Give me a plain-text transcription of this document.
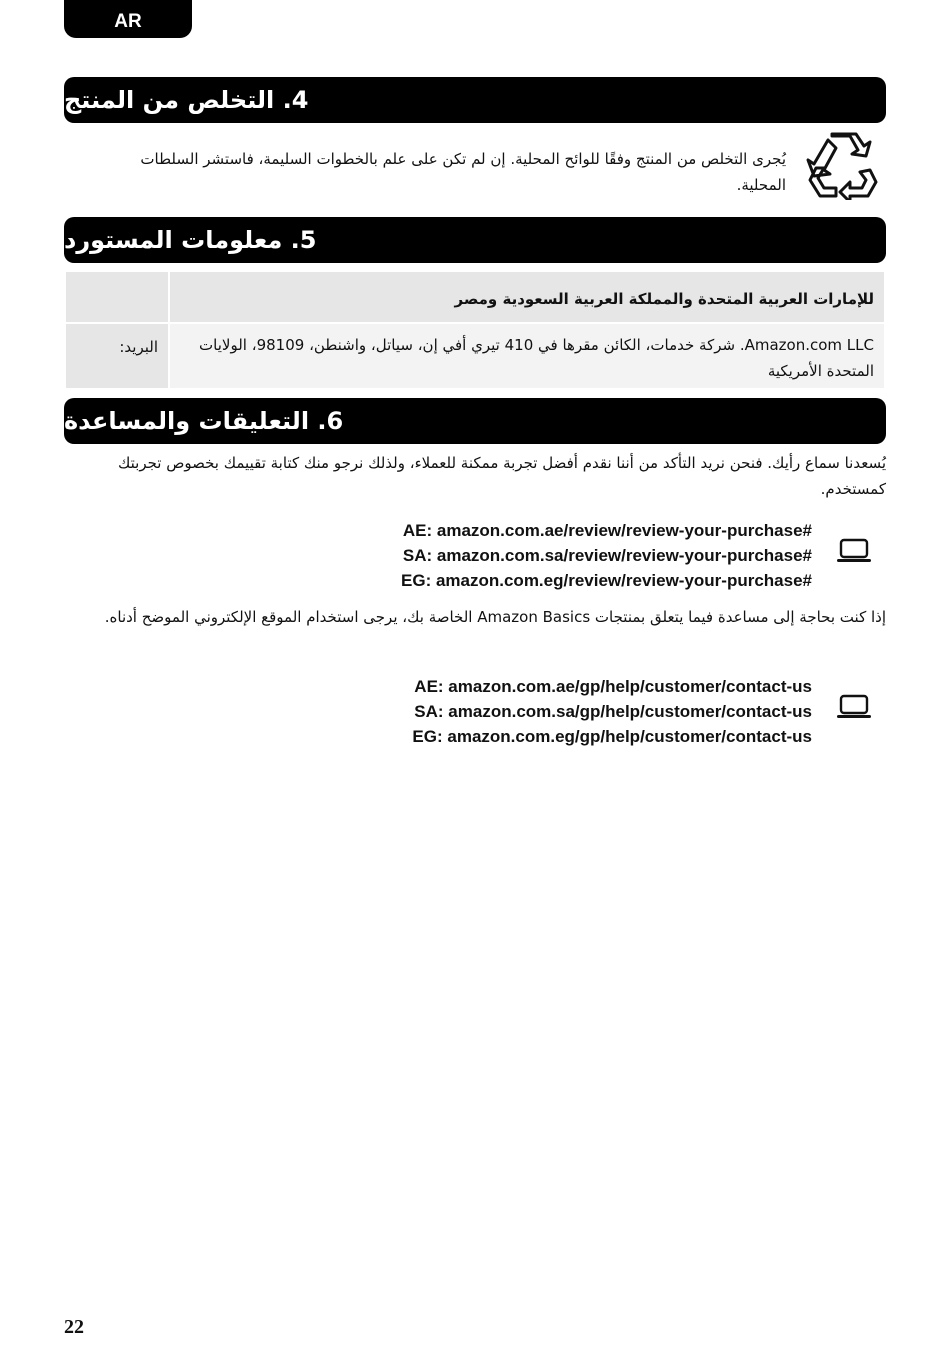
AR
4. التخلص من المنتج
يُجرى التخلص من المنتج وفقًا للوائح المحلية. إن لم تكن على علم بالخطوات السليمة، فاستشر السلطات المحلية.
5. معلومات المستورد
للإمارات العربية المتحدة والمملكة العربية السعودية ومصر	
Amazon.com LLC. شركة خدمات، الكائن مقرها في 410 تيري أفي إن، سياتل، واشنطن، 98109، الولايات المتحدة الأمريكية	البريد:
6. التعليقات والمساعدة
يُسعدنا سماع رأيك. فنحن نريد التأكد من أننا نقدم أفضل تجربة ممكنة للعملاء، ولذلك نرجو منك كتابة تقييمك بخصوص تجربتك كمستخدم.
AE: amazon.com.ae/review/review-your-purchase#
SA: amazon.com.sa/review/review-your-purchase#
EG: amazon.com.eg/review/review-your-purchase#
إذا كنت بحاجة إلى مساعدة فيما يتعلق بمنتجات Amazon Basics الخاصة بك، يرجى استخدام الموقع الإلكتروني الموضح أدناه.
AE: amazon.com.ae/gp/help/customer/contact-us
SA: amazon.com.sa/gp/help/customer/contact-us
EG: amazon.com.eg/gp/help/customer/contact-us
22
